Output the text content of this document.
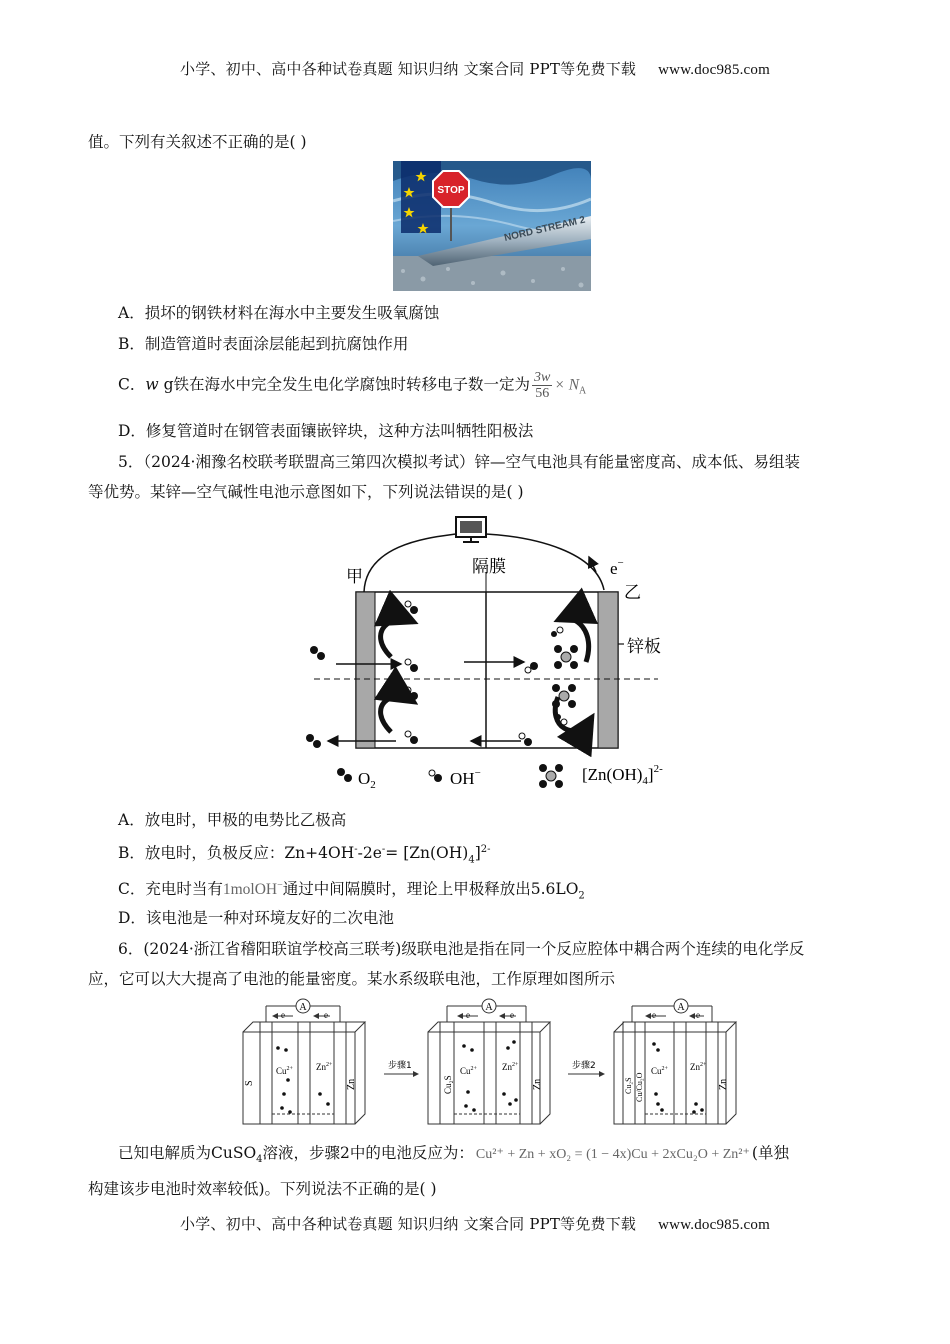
小学、初中、高中各种试卷真题 知识归纳 文案合同 PPT等免费下载 www.doc985.com
值。下列有关叙述不正确的是( )
NORD STREAM 2
STOP
A．损坏的钢铁材料在海水中主要发生吸氧腐蚀
B．制造管道时表面涂层能起到抗腐蚀作用
C．w g铁在海水中完全发生电化学腐蚀时转移电子数一定为 $\frac{3w}{56} \times N_A$
D．修复管道时在钢管表面镶嵌锌块，这种方法叫牺牲阳极法
5．（2024·湘豫名校联考联盟高三第四次模拟考试）锌—空气电池具有能量密度高、成本低、易组装
等优势。某锌—空气碱性电池示意图如下，下列说法错误的是( )
甲	隔膜	e−
乙
锌板
$O_2$	OH−	$[Zn(OH)_4]^{2-}$
A．放电时，甲极的电势比乙极高
B．放电时，负极反应：$Zn+4OH^--2e^-= [Zn(OH)_4]^{2-}$
C．充电时当有1molOH−通过中间隔膜时，理论上甲极释放出$5.6LO_2$
D．该电池是一种对环境友好的二次电池
6．(2024·浙江省稽阳联谊学校高三联考)级联电池是指在同一个反应腔体中耦合两个连续的电化学反
应，它可以大大提高了电池的能量密度。某水系级联电池，工作原理如图所示
A
e	e
S	Zn
$Cu^{2+}$	$Zn^{2+}$	步骤1
A
e	e
Cu₂S	Zn
$Cu^{2+}$	$Zn^{2+}$	步骤2
A
e	e
Cu₂S Cu/Cu₂O	Zn
$Cu^{2+}$ $Zn^{2+}$
已知电解质为CuSO$_4$溶液，步骤2中的电池反应为： Cu²⁺ + Zn + xO₂ = (1 − 4x)Cu + 2xCu₂O + Zn²⁺ (单独
构建该步电池时效率较低)。下列说法不正确的是( )
小学、初中、高中各种试卷真题 知识归纳 文案合同 PPT等免费下载 www.doc985.com
